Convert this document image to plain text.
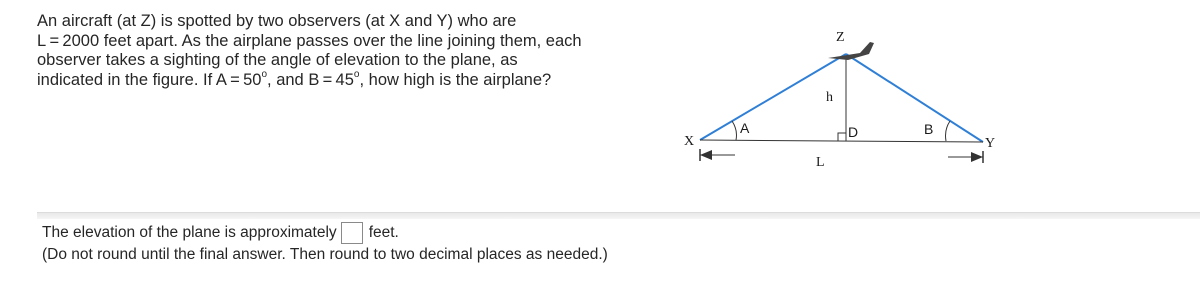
An aircraft (at Z) is spotted by two observers (at X and Y) who are
L = 2000 feet apart. As the airplane passes over the line joining them, each
observer takes a sighting of the angle of elevation to the plane, as
indicated in the figure. If $A = 50^o$, and $B = 45^o$, how high is the airplane?
X	Y
Z
A	B
D
h
L
The elevation of the plane is approximately feet.
(Do not round until the final answer. Then round to two decimal places as needed.)
